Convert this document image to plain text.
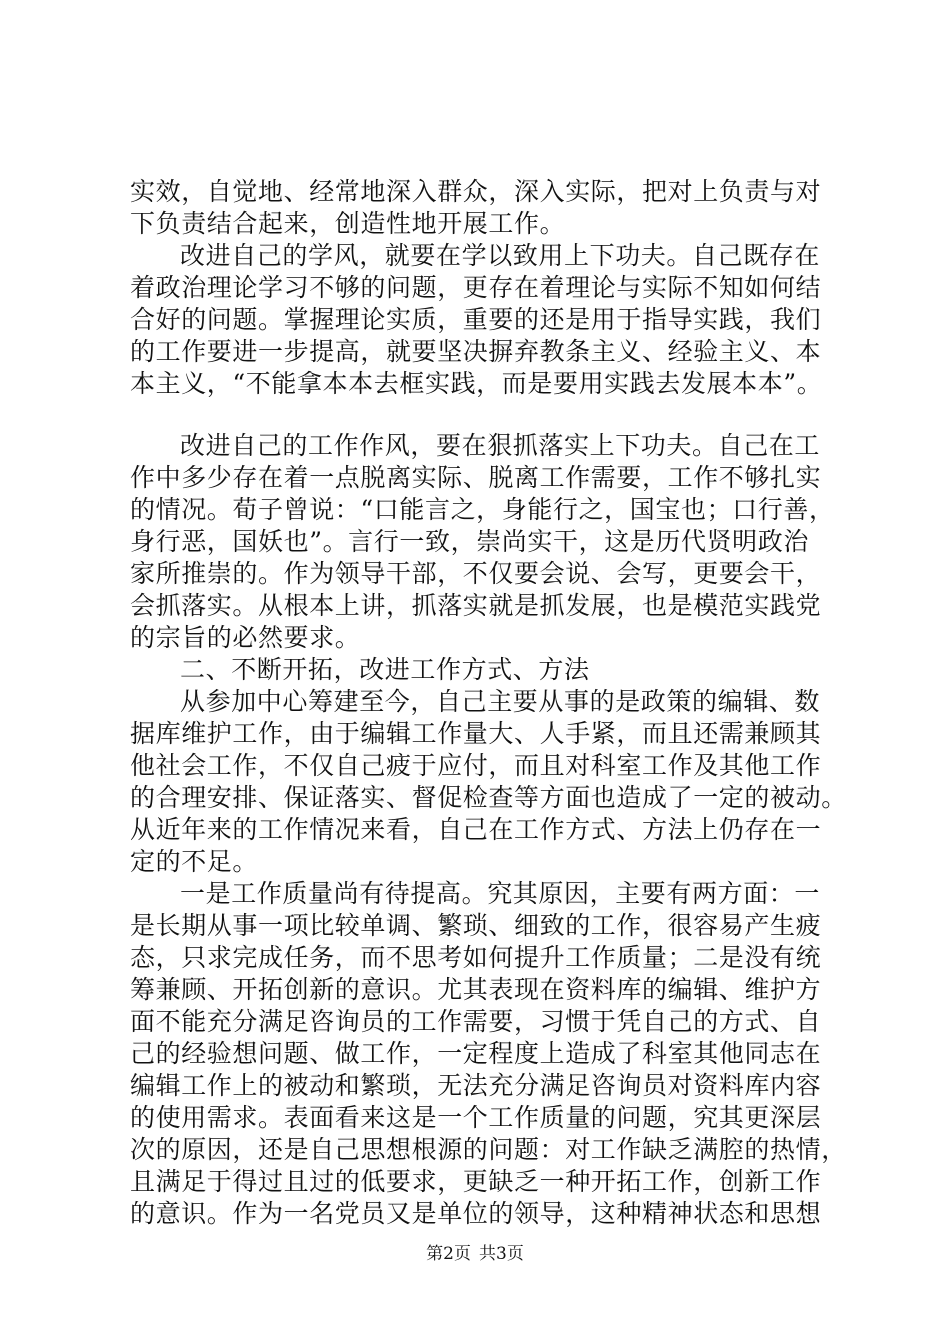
实效，自觉地、经常地深入群众，深入实际，把对上负责与对
下负责结合起来，创造性地开展工作。
改进自己的学风，就要在学以致用上下功夫。自己既存在
着政治理论学习不够的问题，更存在着理论与实际不知如何结
合好的问题。掌握理论实质，重要的还是用于指导实践，我们
的工作要进一步提高，就要坚决摒弃教条主义、经验主义、本
本主义，“不能拿本本去框实践，而是要用实践去发展本本”。
改进自己的工作作风，要在狠抓落实上下功夫。自己在工
作中多少存在着一点脱离实际、脱离工作需要，工作不够扎实
的情况。荀子曾说：“口能言之，身能行之，国宝也；口行善，
身行恶，国妖也”。言行一致，崇尚实干，这是历代贤明政治
家所推崇的。作为领导干部，不仅要会说、会写，更要会干，
会抓落实。从根本上讲，抓落实就是抓发展，也是模范实践党
的宗旨的必然要求。
二、不断开拓，改进工作方式、方法
从参加中心筹建至今，自己主要从事的是政策的编辑、数
据库维护工作，由于编辑工作量大、人手紧，而且还需兼顾其
他社会工作，不仅自己疲于应付，而且对科室工作及其他工作
的合理安排、保证落实、督促检查等方面也造成了一定的被动。
从近年来的工作情况来看，自己在工作方式、方法上仍存在一
定的不足。
一是工作质量尚有待提高。究其原因，主要有两方面：一
是长期从事一项比较单调、繁琐、细致的工作，很容易产生疲
态，只求完成任务，而不思考如何提升工作质量；二是没有统
筹兼顾、开拓创新的意识。尤其表现在资料库的编辑、维护方
面不能充分满足咨询员的工作需要，习惯于凭自己的方式、自
己的经验想问题、做工作，一定程度上造成了科室其他同志在
编辑工作上的被动和繁琐，无法充分满足咨询员对资料库内容
的使用需求。表面看来这是一个工作质量的问题，究其更深层
次的原因，还是自己思想根源的问题：对工作缺乏满腔的热情，
且满足于得过且过的低要求，更缺乏一种开拓工作，创新工作
的意识。作为一名党员又是单位的领导，这种精神状态和思想
第2页 共3页
